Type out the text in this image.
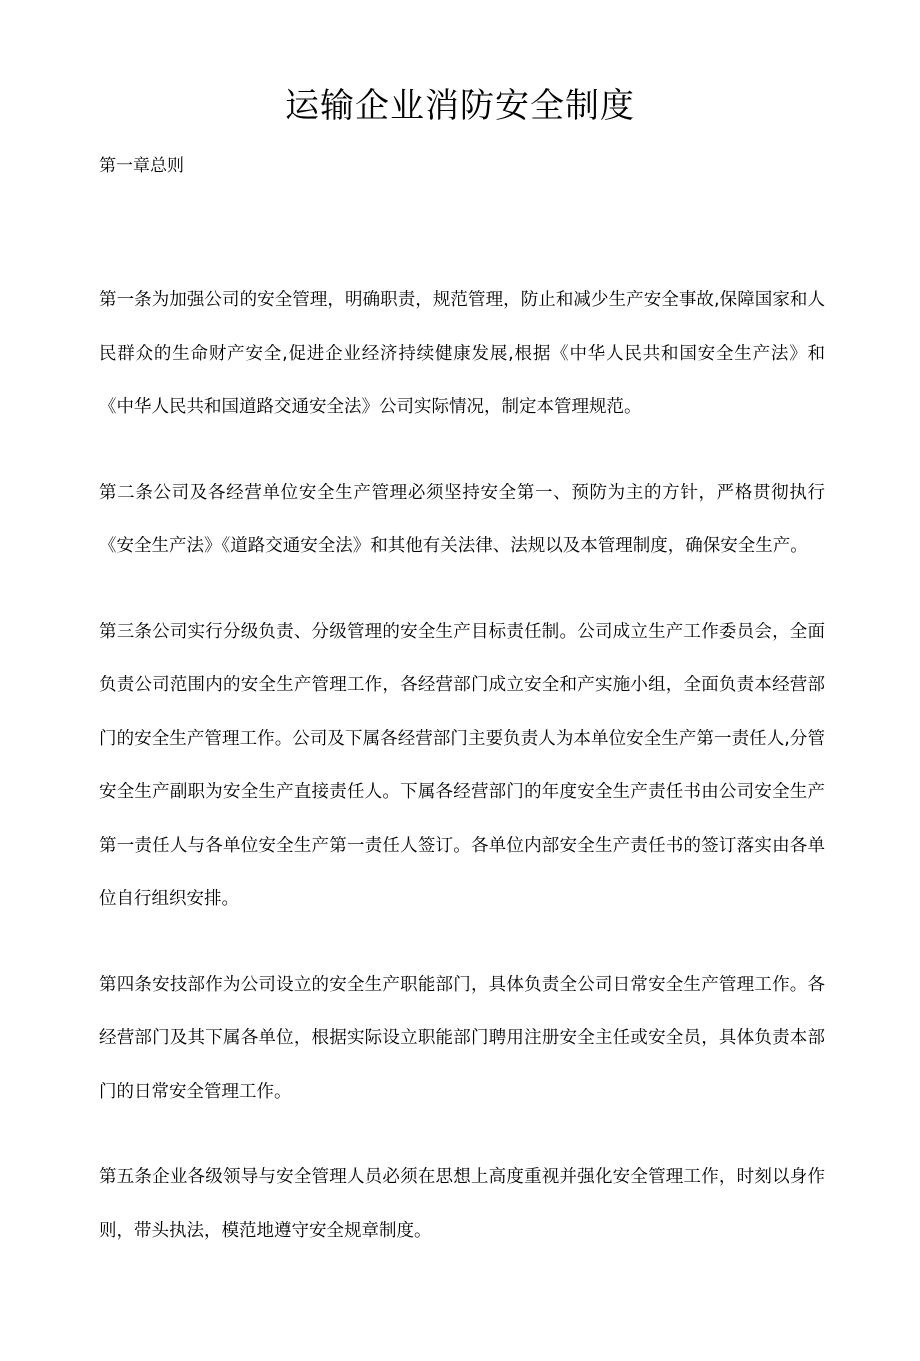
运输企业消防安全制度

第一章总则

第一条为加强公司的安全管理，明确职责，规范管理，防止和减少生产安全事故,保障国家和人民群众的生命财产安全,促进企业经济持续健康发展,根据《中华人民共和国安全生产法》和《中华人民共和国道路交通安全法》公司实际情况，制定本管理规范。

第二条公司及各经营单位安全生产管理必须坚持安全第一、预防为主的方针，严格贯彻执行《安全生产法》《道路交通安全法》和其他有关法律、法规以及本管理制度，确保安全生产。

第三条公司实行分级负责、分级管理的安全生产目标责任制。公司成立生产工作委员会，全面负责公司范围内的安全生产管理工作，各经营部门成立安全和产实施小组，全面负责本经营部门的安全生产管理工作。公司及下属各经营部门主要负责人为本单位安全生产第一责任人,分管安全生产副职为安全生产直接责任人。下属各经营部门的年度安全生产责任书由公司安全生产第一责任人与各单位安全生产第一责任人签订。各单位内部安全生产责任书的签订落实由各单位自行组织安排。

第四条安技部作为公司设立的安全生产职能部门，具体负责全公司日常安全生产管理工作。各经营部门及其下属各单位，根据实际设立职能部门聘用注册安全主任或安全员，具体负责本部门的日常安全管理工作。

第五条企业各级领导与安全管理人员必须在思想上高度重视并强化安全管理工作，时刻以身作则，带头执法，模范地遵守安全规章制度。
